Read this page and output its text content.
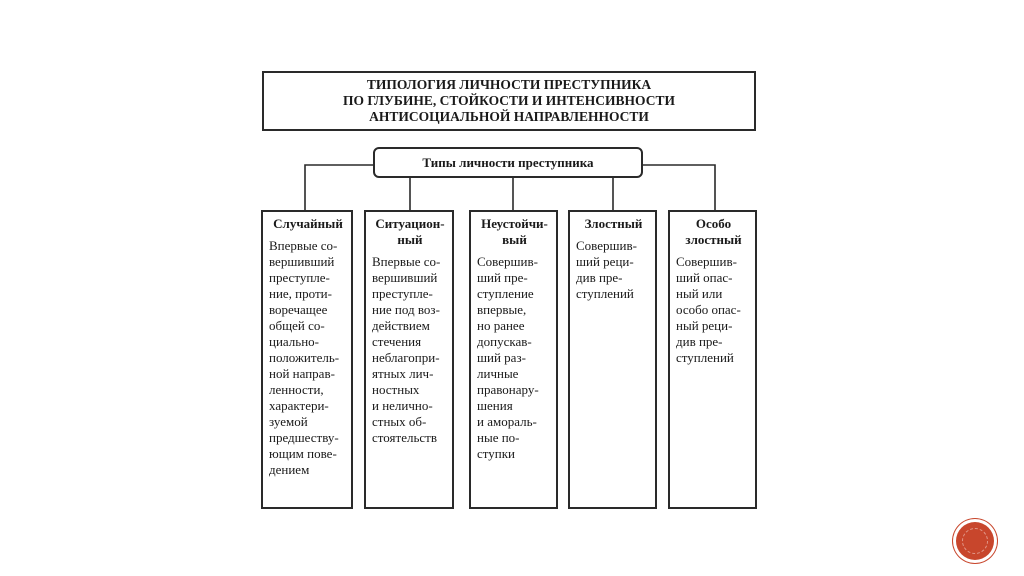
ТИПОЛОГИЯ ЛИЧНОСТИ ПРЕСТУПНИКА
ПО ГЛУБИНЕ, СТОЙКОСТИ И ИНТЕНСИВНОСТИ
АНТИСОЦИАЛЬНОЙ НАПРАВЛЕННОСТИ
Типы личности преступника
Случайный
Впервые со-
вершивший
преступле-
ние, проти-
воречащее
общей со-
циально-
положитель-
ной направ-
ленности,
характери-
зуемой
предшеству-
ющим пове-
дением
Ситуацион-
ный
Впервые со-
вершивший
преступле-
ние под воз-
действием
стечения
неблагопри-
ятных лич-
ностных
и неличнo-
стных об-
стоятельств
Неустойчи-
вый
Совершив-
ший пре-
ступление
впервые,
но ранее
допускав-
ший раз-
личные
правонару-
шения
и амораль-
ные по-
ступки
Злостный
Совершив-
ший реци-
див пре-
ступлений
Особо
злостный
Совершив-
ший опас-
ный или
особо опас-
ный реци-
див пре-
ступлений
